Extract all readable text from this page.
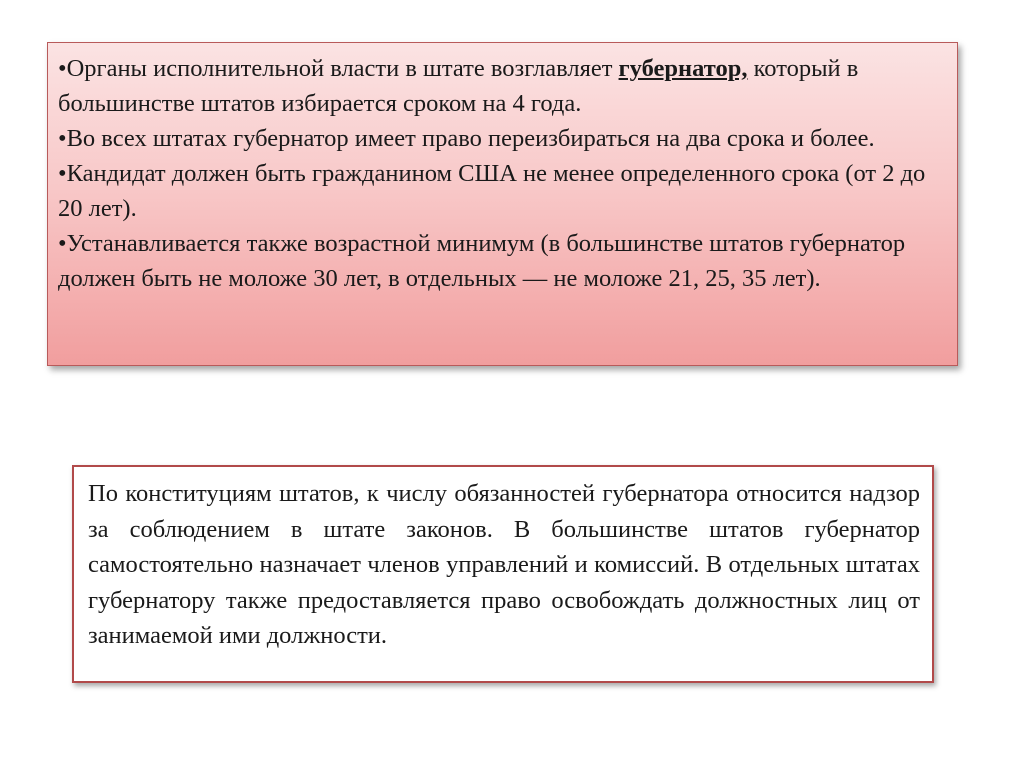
•Органы исполнительной власти в штате возглавляет губернатор, который в большинстве штатов избирается сроком на 4 года.

•Во всех штатах губернатор имеет право переизбираться на два срока и более.

•Кандидат должен быть гражданином США не менее определенного срока (от 2 до 20 лет).

•Устанавливается также возрастной минимум (в большинстве штатов губернатор должен быть не моложе 30 лет, в отдельных — не моложе 21, 25, 35 лет).

По конституциям штатов, к числу обязанностей губернатора относится надзор за соблюдением в штате законов. В большинстве штатов губернатор самостоятельно назначает членов управлений и комиссий. В отдельных штатах губернатору также предоставляется право освобождать должностных лиц от занимаемой ими должности.
